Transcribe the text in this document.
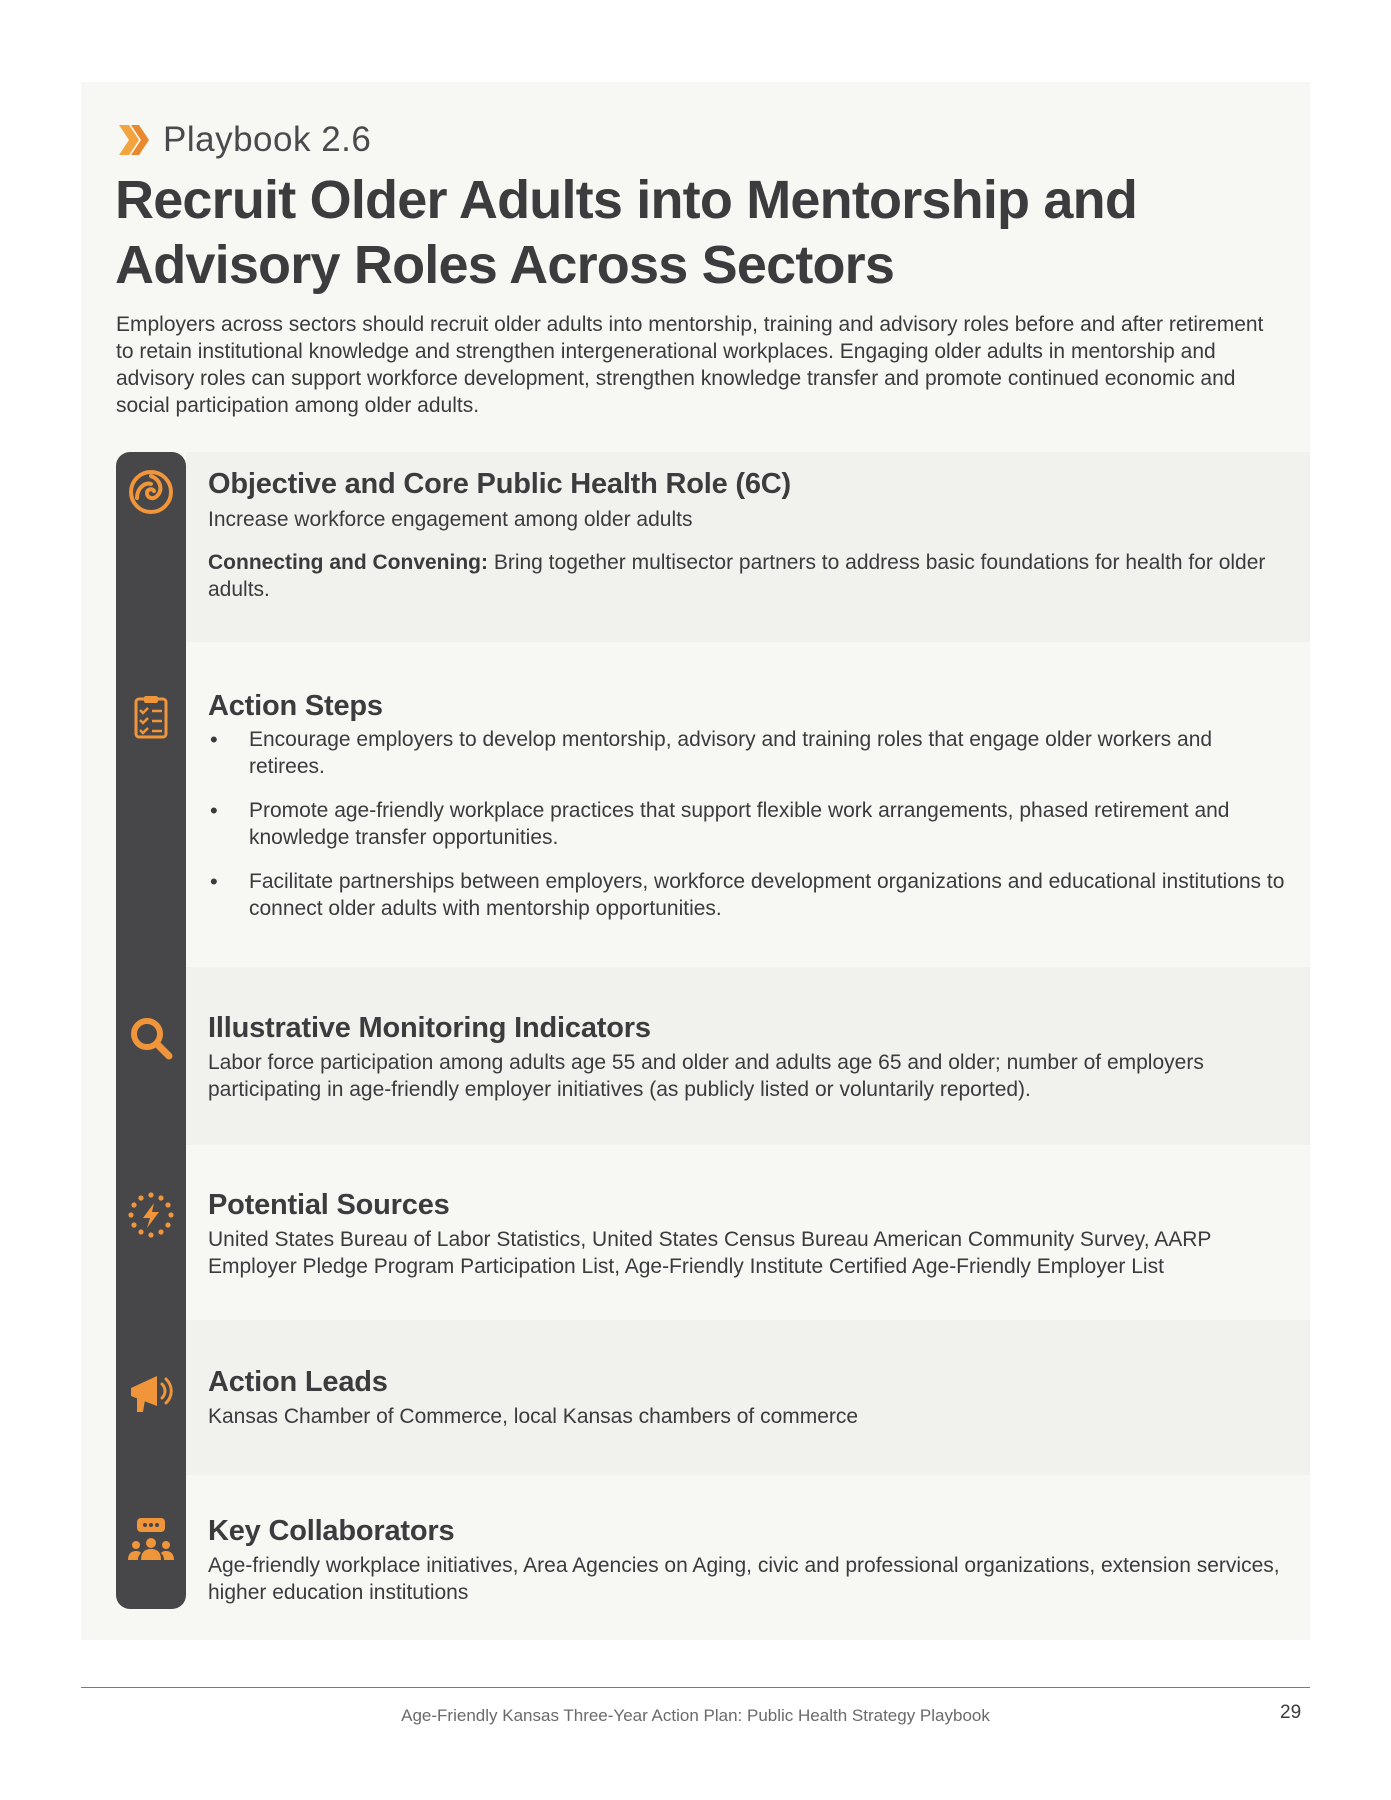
Playbook 2.6
Recruit Older Adults into Mentorship and Advisory Roles Across Sectors

Employers across sectors should recruit older adults into mentorship, training and advisory roles before and after retirement to retain institutional knowledge and strengthen intergenerational workplaces. Engaging older adults in mentorship and advisory roles can support workforce development, strengthen knowledge transfer and promote continued economic and social participation among older adults.

Objective and Core Public Health Role (6C)

Increase workforce engagement among older adults

Connecting and Convening: Bring together multisector partners to address basic foundations for health for older adults.

Action Steps
• Encourage employers to develop mentorship, advisory and training roles that engage older workers and retirees.
• Promote age-friendly workplace practices that support flexible work arrangements, phased retirement and knowledge transfer opportunities.
• Facilitate partnerships between employers, workforce development organizations and educational institutions to connect older adults with mentorship opportunities.
Illustrative Monitoring Indicators

Labor force participation among adults age 55 and older and adults age 65 and older; number of employers participating in age-friendly employer initiatives (as publicly listed or voluntarily reported).

Potential Sources

United States Bureau of Labor Statistics, United States Census Bureau American Community Survey, AARP Employer Pledge Program Participation List, Age-Friendly Institute Certified Age-Friendly Employer List

Action Leads

Kansas Chamber of Commerce, local Kansas chambers of commerce

Key Collaborators

Age-friendly workplace initiatives, Area Agencies on Aging, civic and professional organizations, extension services, higher education institutions

Age-Friendly Kansas Three-Year Action Plan: Public Health Strategy Playbook	29
